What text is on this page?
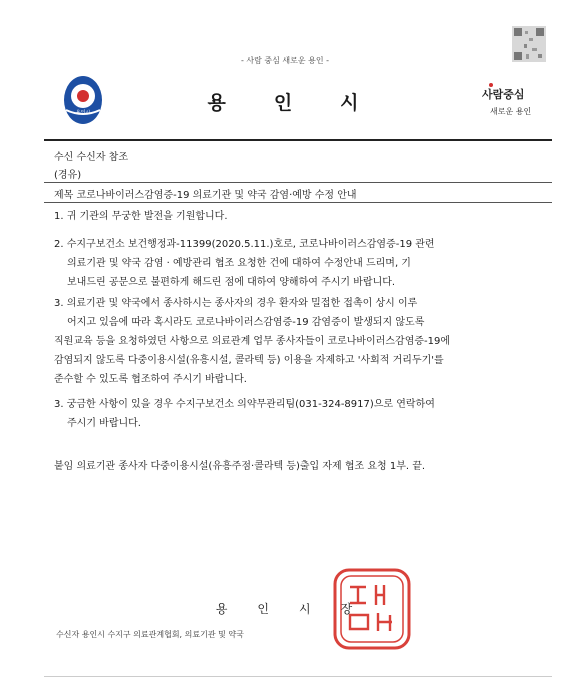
- 사람 중심 새로운 용인 -
용인시	용 인 시	사람중심
새로운 용인
수신 수신자 참조
(경유)
제목 코로나바이러스감염증-19 의료기관 및 약국 감염·예방 수정 안내
1. 귀 기관의 무궁한 발전을 기원합니다.
2. 수지구보건소 보건행정과-11399(2020.5.11.)호로, 코로나바이러스감염증-19 관련
의료기관 및 약국 감염 · 예방관리 협조 요청한 건에 대하여 수정안내 드리며, 기
보내드린 공문으로 불편하게 해드린 점에 대하여 양해하여 주시기 바랍니다.
3. 의료기관 및 약국에서 종사하시는 종사자의 경우 환자와 밀접한 접촉이 상시 이루
어지고 있음에 따라 혹시라도 코로나바이러스감염증-19 감염증이 발생되지 않도록
직원교육 등을 요청하였던 사항으로 의료관계 업무 종사자들이 코로나바이러스감염증-19에
감염되지 않도록 다중이용시설(유흥시설, 콜라텍 등) 이용을 자제하고 '사회적 거리두기'를
준수할 수 있도록 협조하여 주시기 바랍니다.
3. 궁금한 사항이 있을 경우 수지구보건소 의약무관리팀(031-324-8917)으로 연락하여
주시기 바랍니다.
붙임 의료기관 종사자 다중이용시설(유흥주점·콜라텍 등)출입 자제 협조 요청 1부. 끝.
용 인 시 장
수신자 용인시 수지구 의료관계협회, 의료기관 및 약국
